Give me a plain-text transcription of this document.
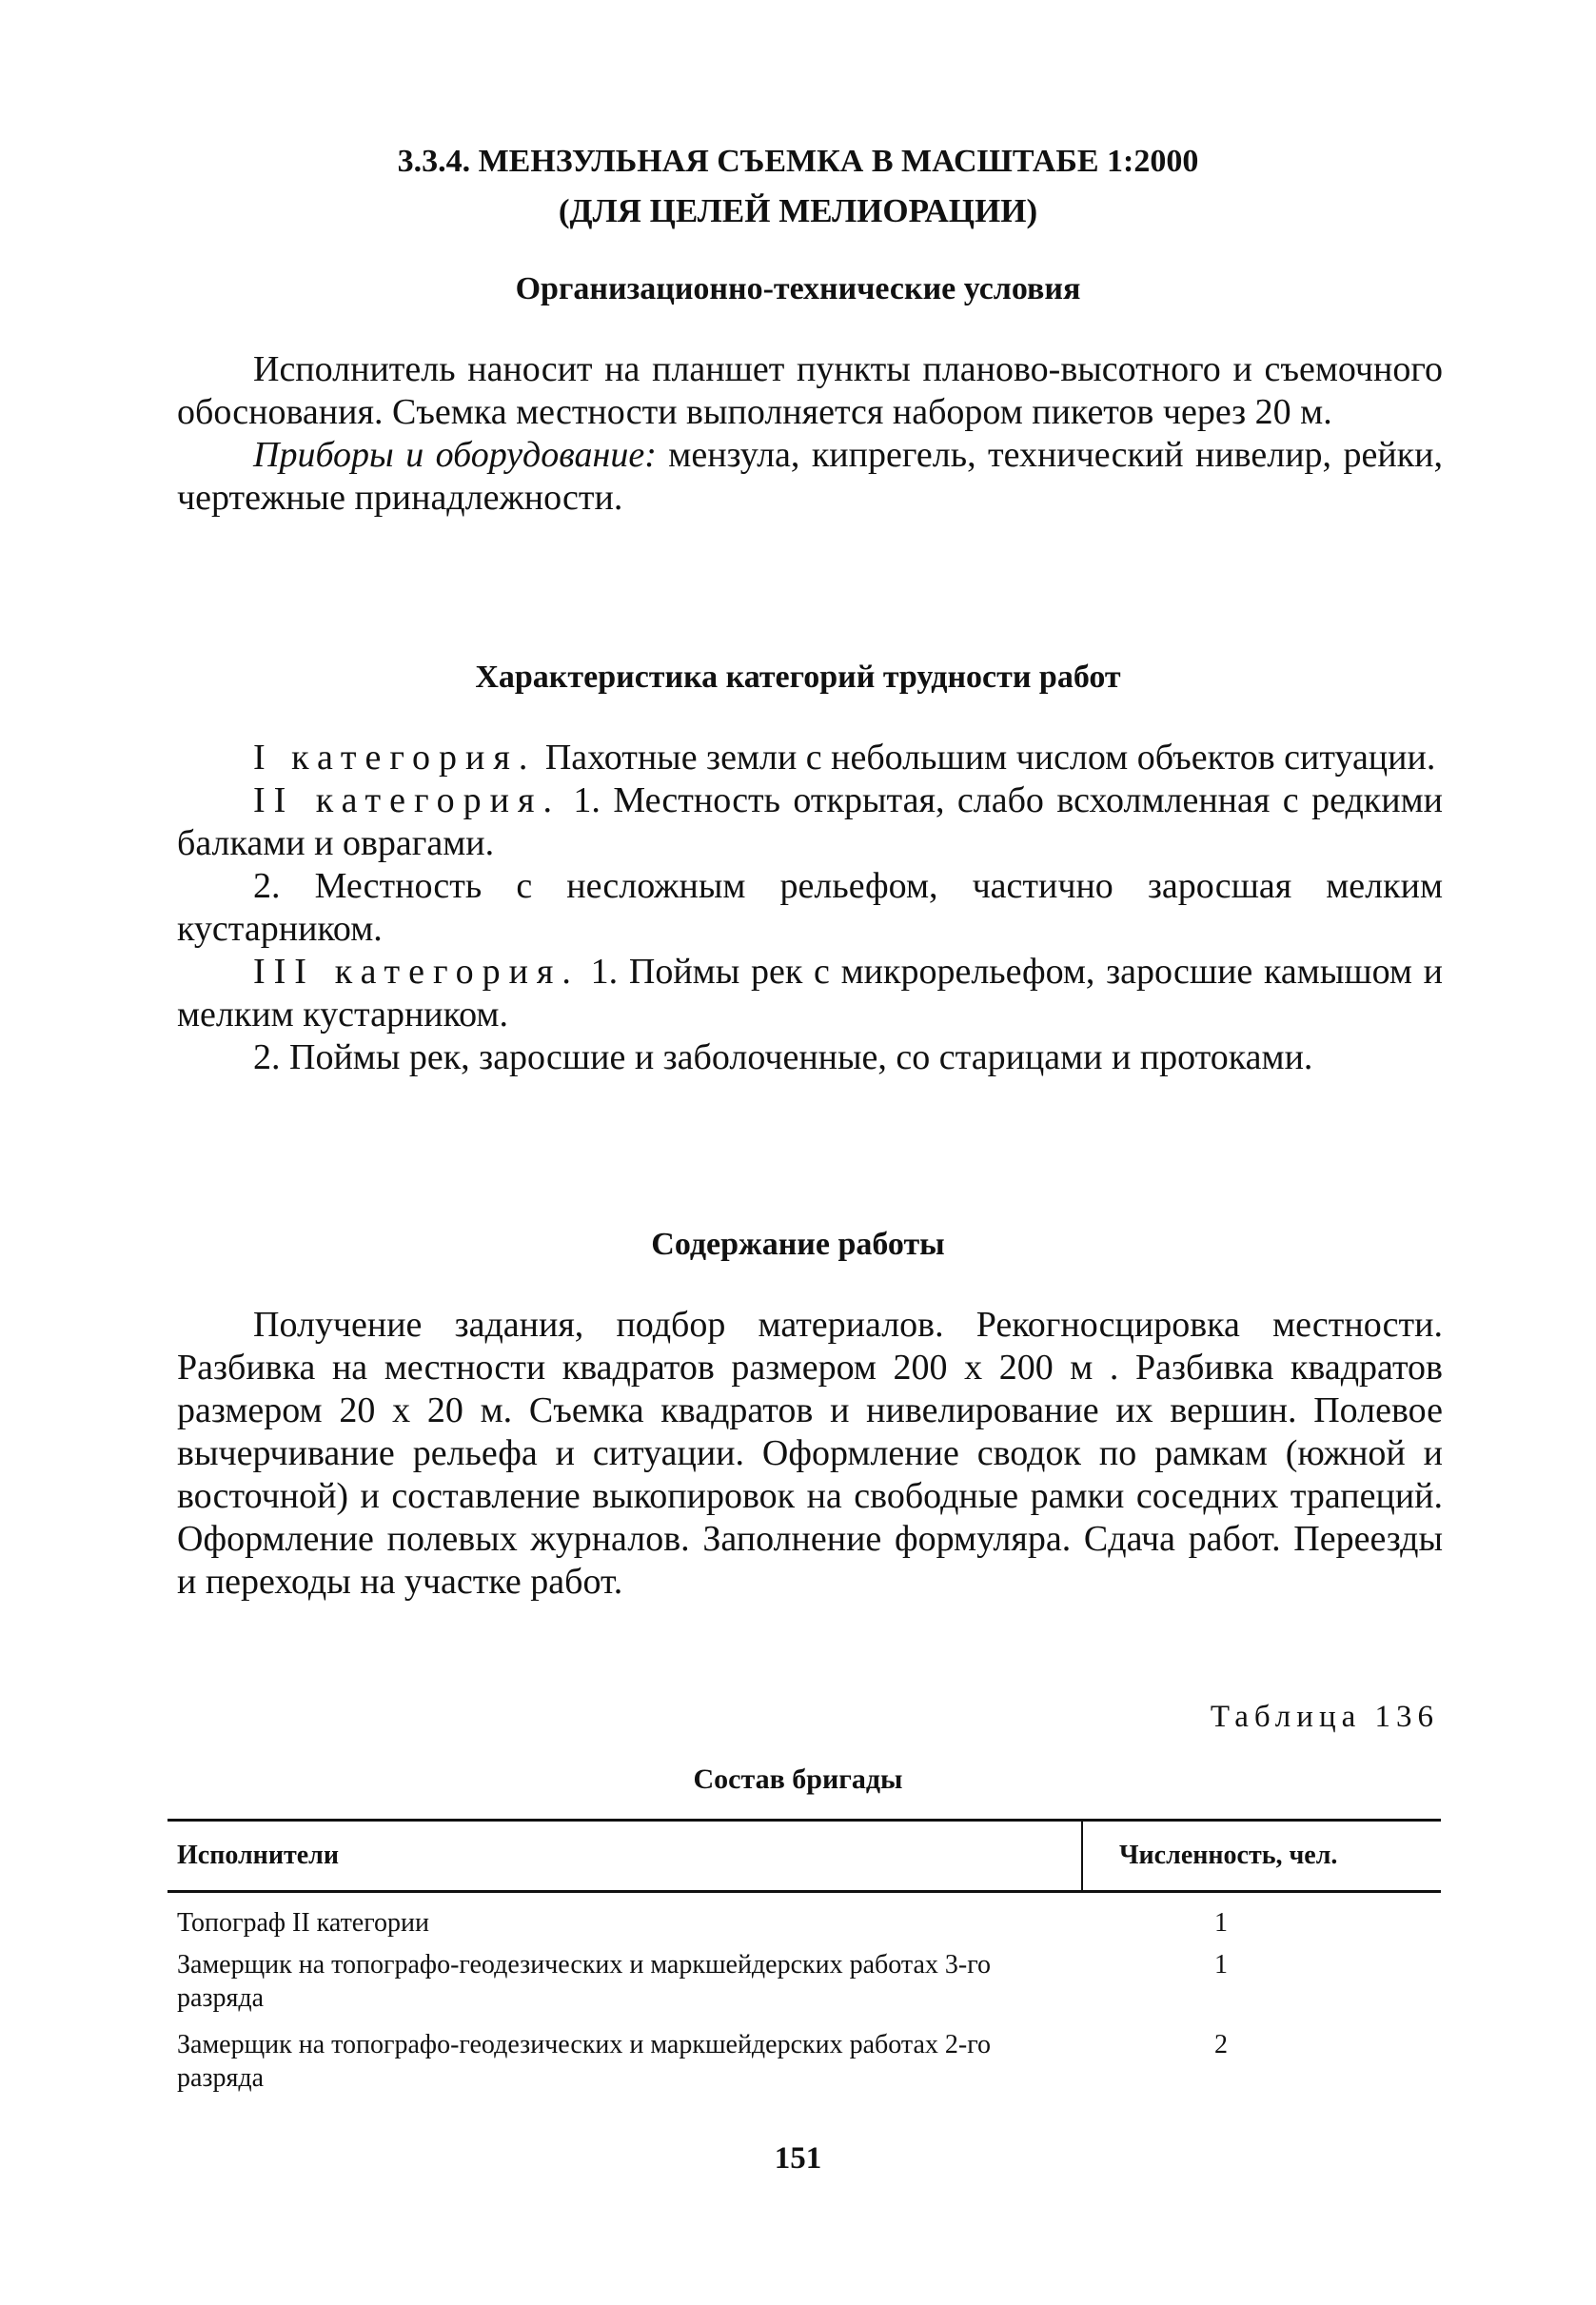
3.3.4. МЕНЗУЛЬНАЯ СЪЕМКА В МАСШТАБЕ 1:2000
(ДЛЯ ЦЕЛЕЙ МЕЛИОРАЦИИ)
Организационно-технические условия

Исполнитель наносит на планшет пункты планово-высотного и съемочного обоснования. Съемка местности выполняется набором пикетов через 20 м.

Приборы и оборудование: мензула, кипрегель, технический нивелир, рейки, чертежные принадлежности.

Характеристика категорий трудности работ

I категория. Пахотные земли с небольшим числом объектов ситуации.

II категория. 1. Местность открытая, слабо всхолмленная с редкими балками и оврагами.

2. Местность с несложным рельефом, частично заросшая мелким кустарником.

III категория. 1. Поймы рек с микрорельефом, заросшие камышом и мелким кустарником.

2. Поймы рек, заросшие и заболоченные, со старицами и протоками.

Содержание работы

Получение задания, подбор материалов. Рекогносцировка местности. Разбивка на местности квадратов размером 200 х 200 м . Разбивка квадратов размером 20 х 20 м. Съемка квадратов и нивелирование их вершин. Полевое вычерчивание рельефа и ситуации. Оформление сводок по рамкам (южной и восточной) и составление выкопировок на свободные рамки соседних трапеций. Оформление полевых журналов. Заполнение формуляра. Сдача работ. Переезды и переходы на участке работ.

Таблица 136
Состав бригады
Исполнители	Численность, чел.
Топограф II категории	1
Замерщик на топографо-геодезических и маркшейдерских работах 3-го разряда
1
Замерщик на топографо-геодезических и маркшейдерских работах 2-го разряда
2
151
